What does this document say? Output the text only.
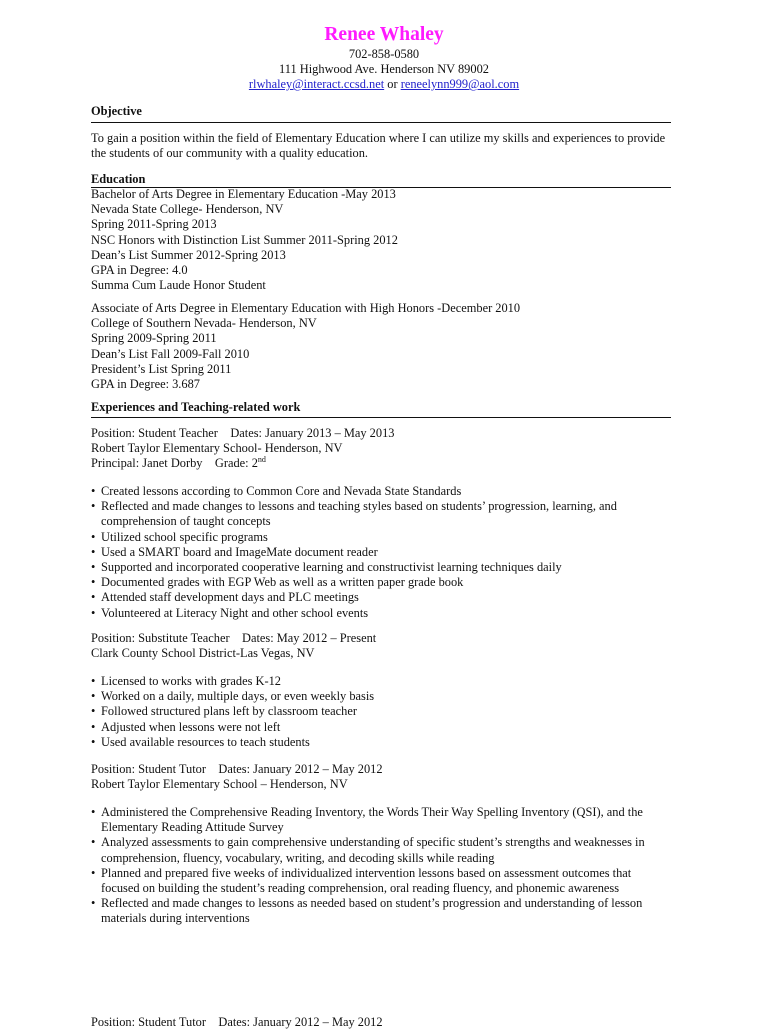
Renee Whaley
702-858-0580
111 Highwood Ave. Henderson NV 89002
rlwhaley@interact.ccsd.net or reneelynn999@aol.com
Objective

To gain a position within the field of Elementary Education where I can utilize my skills and experiences to provide the students of our community with a quality education.

Education
Bachelor of Arts Degree in Elementary Education -May 2013
Nevada State College- Henderson, NV
Spring 2011-Spring 2013
NSC Honors with Distinction List Summer 2011-Spring 2012
Dean’s List Summer 2012-Spring 2013
GPA in Degree: 4.0
Summa Cum Laude Honor Student
Associate of Arts Degree in Elementary Education with High Honors -December 2010
College of Southern Nevada- Henderson, NV
Spring 2009-Spring 2011
Dean’s List Fall 2009-Fall 2010
President’s List Spring 2011
GPA in Degree: 3.687
Experiences and Teaching-related work
Position: Student Teacher    Dates: January 2013 – May 2013
Robert Taylor Elementary School- Henderson, NV
Principal: Janet Dorby    Grade: 2nd
• Created lessons according to Common Core and Nevada State Standards
• Reflected and made changes to lessons and teaching styles based on students’ progression, learning, and comprehension of taught concepts
• Utilized school specific programs
• Used a SMART board and ImageMate document reader
• Supported and incorporated cooperative learning and constructivist learning techniques daily
• Documented grades with EGP Web as well as a written paper grade book
• Attended staff development days and PLC meetings
• Volunteered at Literacy Night and other school events
Position: Substitute Teacher    Dates: May 2012 – Present
Clark County School District-Las Vegas, NV
• Licensed to works with grades K-12
• Worked on a daily, multiple days, or even weekly basis
• Followed structured plans left by classroom teacher
• Adjusted when lessons were not left
• Used available resources to teach students
Position: Student Tutor    Dates: January 2012 – May 2012
Robert Taylor Elementary School – Henderson, NV
• Administered the Comprehensive Reading Inventory, the Words Their Way Spelling Inventory (QSI), and the Elementary Reading Attitude Survey
• Analyzed assessments to gain comprehensive understanding of specific student’s strengths and weaknesses in comprehension, fluency, vocabulary, writing, and decoding skills while reading
• Planned and prepared five weeks of individualized intervention lessons based on assessment outcomes that focused on building the student’s reading comprehension, oral reading fluency, and phonemic awareness
• Reflected and made changes to lessons as needed based on student’s progression and understanding of lesson materials during interventions
Position: Student Tutor    Dates: January 2012 – May 2012
